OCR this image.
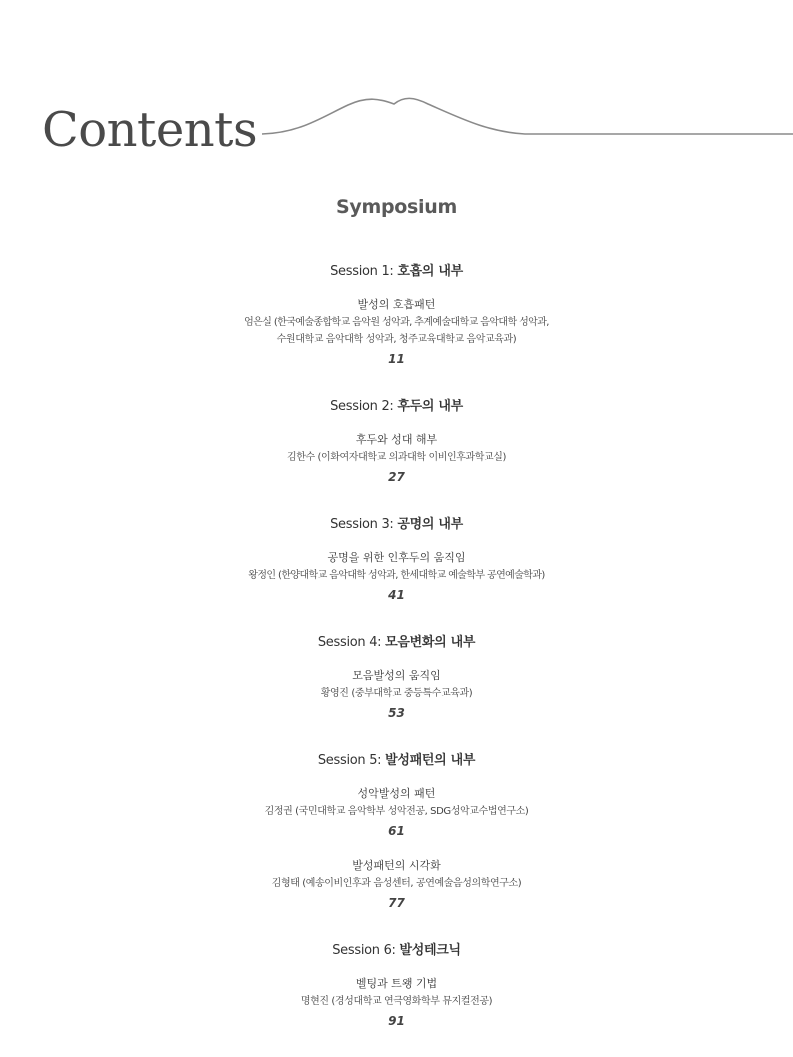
Contents
Symposium
Session 1: 호흡의 내부
발성의 호흡패턴
엄은실 (한국예술종합학교 음악원 성악과, 추계예술대학교 음악대학 성악과,
수원대학교 음악대학 성악과, 청주교육대학교 음악교육과)
11
Session 2: 후두의 내부
후두와 성대 해부
김한수 (이화여자대학교 의과대학 이비인후과학교실)
27
Session 3: 공명의 내부
공명을 위한 인후두의 움직임
왕정인 (한양대학교 음악대학 성악과, 한세대학교 예술학부 공연예술학과)
41
Session 4: 모음변화의 내부
모음발성의 움직임
황영진 (중부대학교 중등특수교육과)
53
Session 5: 발성패턴의 내부
성악발성의 패턴
김정권 (국민대학교 음악학부 성악전공, SDG성악교수법연구소)
61
발성패턴의 시각화
김형태 (예송이비인후과 음성센터, 공연예술음성의학연구소)
77
Session 6: 발성테크닉
벨팅과 트왱 기법
명현진 (경성대학교 연극영화학부 뮤지컬전공)
91
